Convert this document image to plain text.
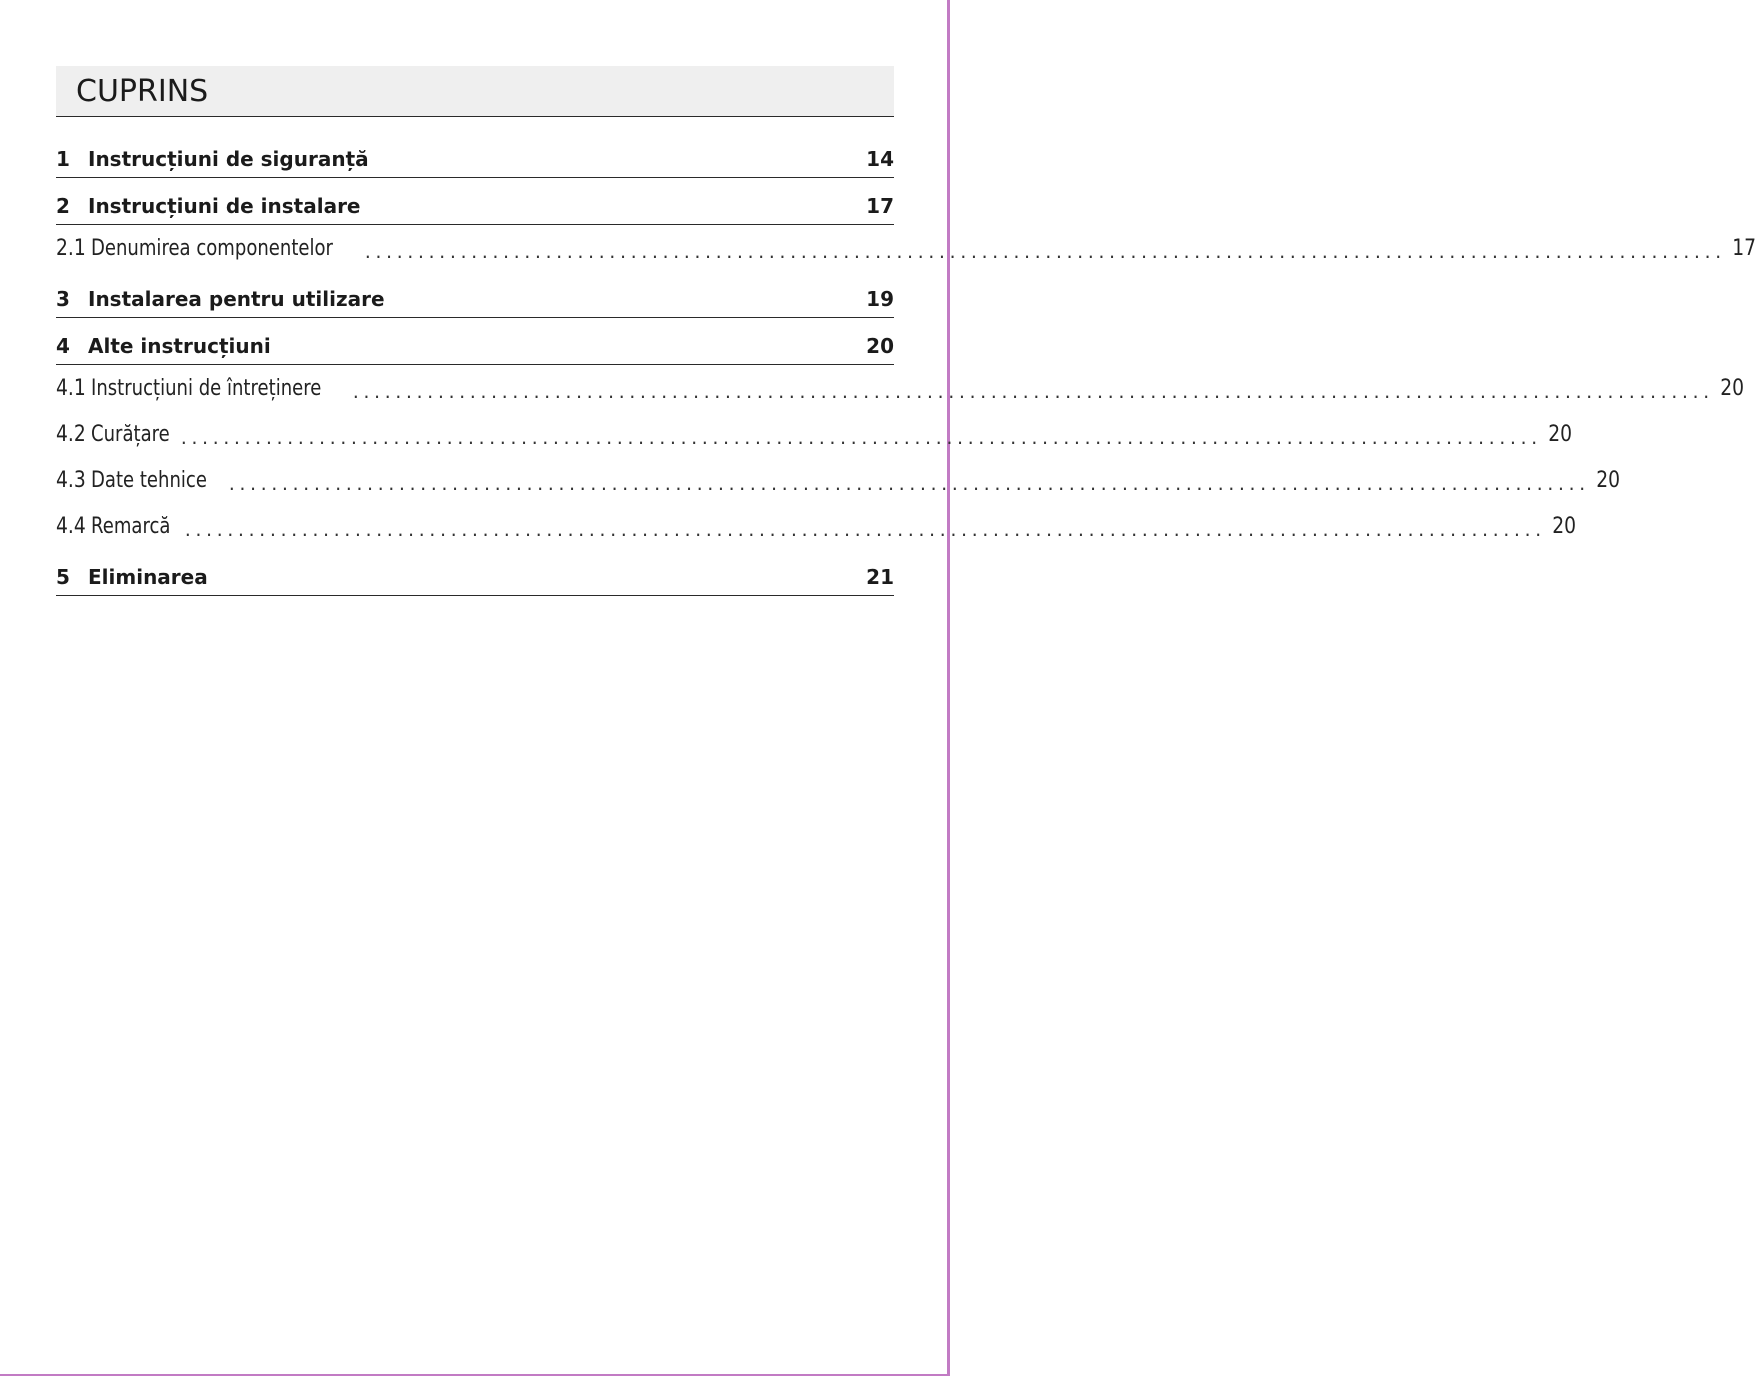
CUPRINS
1 Instrucțiuni de siguranță	14
2 Instrucțiuni de instalare	17
2.1 Denumirea componentelor	................................................................................................................................ 17
3 Instalarea pentru utilizare	19
4 Alte instrucțiuni	20
4.1 Instrucțiuni de întreținere	................................................................................................................................ 20
4.2 Curățare ................................................................................................................................ 20
4.3 Date tehnice	................................................................................................................................ 20
4.4 Remarcă ................................................................................................................................ 20
5 Eliminarea	21
